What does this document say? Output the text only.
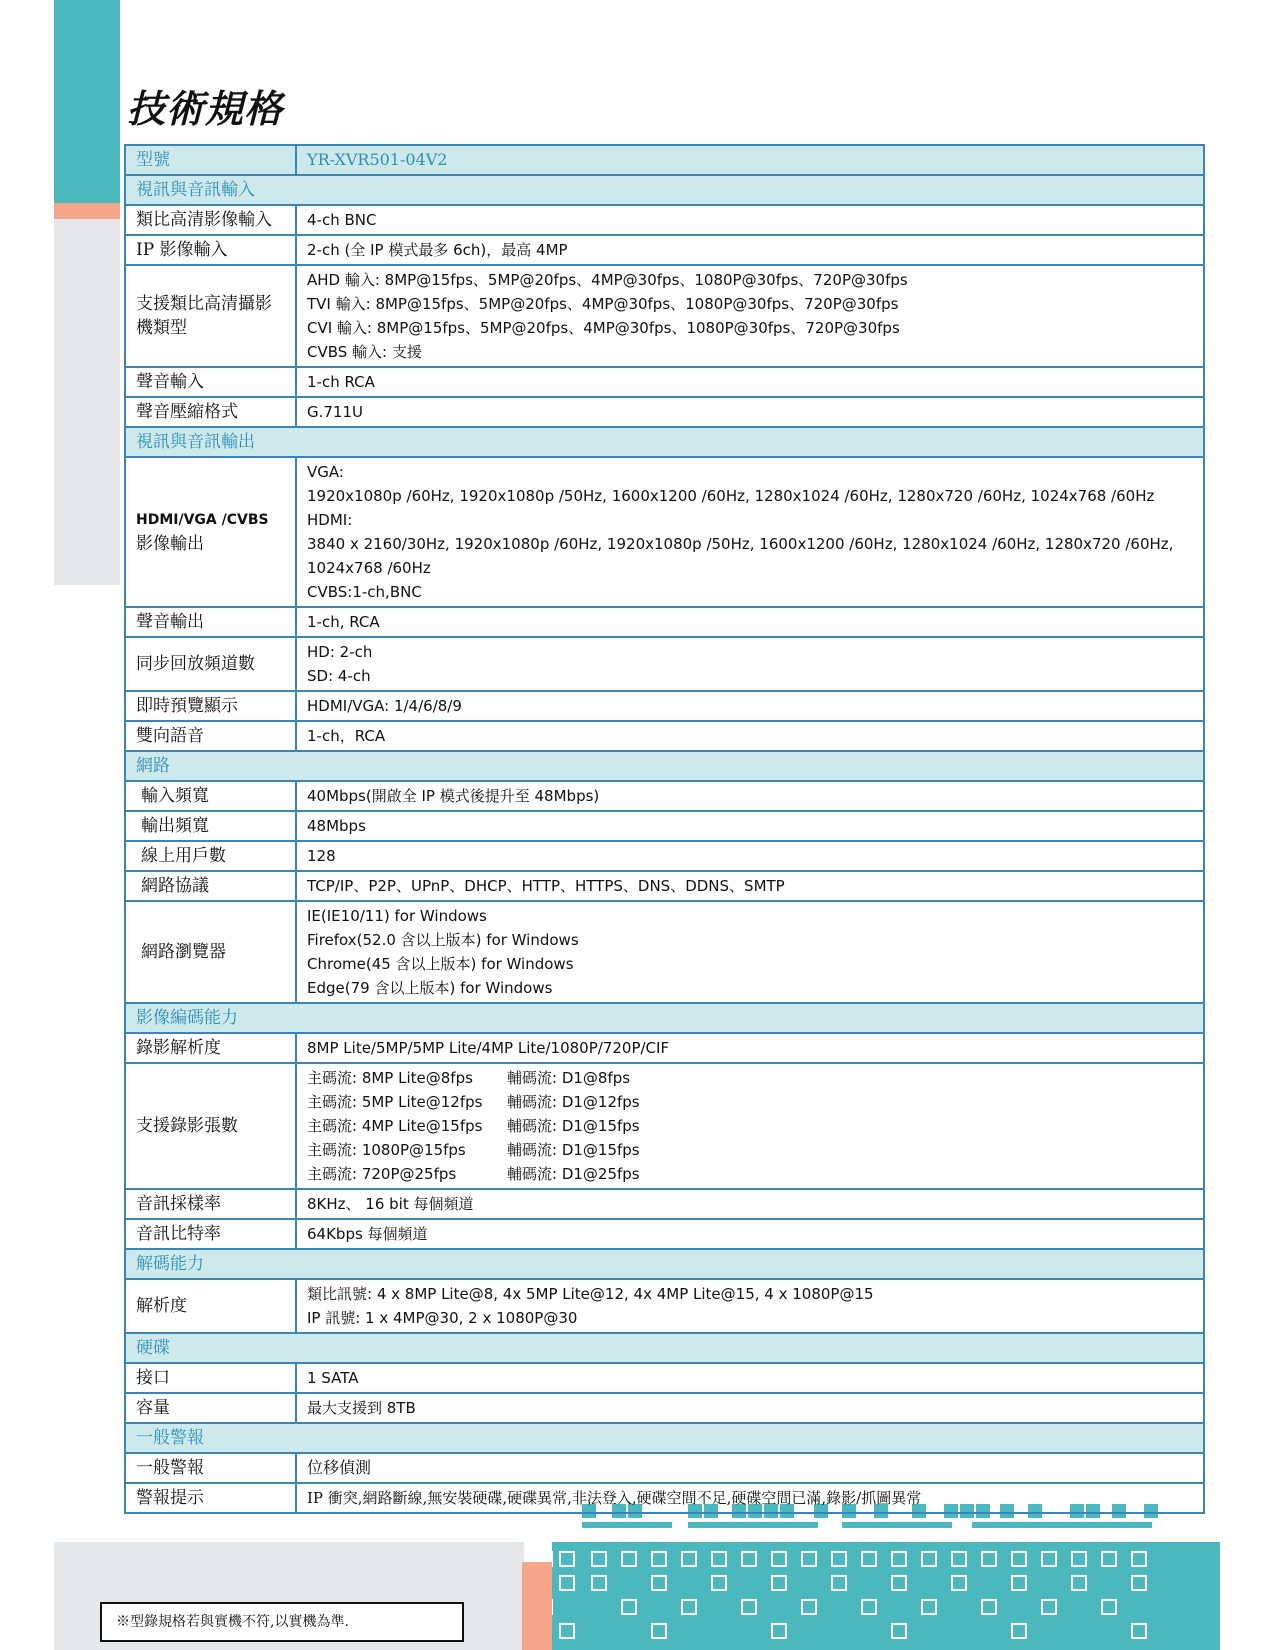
技術規格
型號	YR-XVR501-04V2
視訊與音訊輸入	
類比高清影像輸入	4-ch BNC
IP 影像輸入	2-ch (全 IP 模式最多 6ch)，最高 4MP
支援類比高清攝影機類型	AHD 輸入: 8MP@15fps、5MP@20fps、4MP@30fps、1080P@30fps、720P@30fps
TVI 輸入: 8MP@15fps、5MP@20fps、4MP@30fps、1080P@30fps、720P@30fps
CVI 輸入: 8MP@15fps、5MP@20fps、4MP@30fps、1080P@30fps、720P@30fps
CVBS 輸入: 支援

聲音輸入	1-ch RCA
聲音壓縮格式	G.711U
視訊與音訊輸出	

HDMI/VGA /CVBS
影像輸出	VGA:
1920x1080p /60Hz, 1920x1080p /50Hz, 1600x1200 /60Hz, 1280x1024 /60Hz, 1280x720 /60Hz, 1024x768 /60Hz
HDMI:
3840 x 2160/30Hz, 1920x1080p /60Hz, 1920x1080p /50Hz, 1600x1200 /60Hz, 1280x1024 /60Hz, 1280x720 /60Hz, 1024x768 /60Hz
CVBS:1-ch,BNC

聲音輸出	1-ch, RCA
同步回放頻道數	HD: 2-ch
SD: 4-ch

即時預覽顯示	HDMI/VGA: 1/4/6/8/9
雙向語音	1-ch，RCA
網路	
輸入頻寬	40Mbps(開啟全 IP 模式後提升至 48Mbps)
輸出頻寬	48Mbps
線上用戶數	128
網路協議	TCP/IP、P2P、UPnP、DHCP、HTTP、HTTPS、DNS、DDNS、SMTP
網路瀏覽器	IE(IE10/11) for Windows
Firefox(52.0 含以上版本) for Windows
Chrome(45 含以上版本) for Windows
Edge(79 含以上版本) for Windows

影像編碼能力	
錄影解析度	8MP Lite/5MP/5MP Lite/4MP Lite/1080P/720P/CIF
支援錄影張數	主碼流: 8MP Lite@8fps 輔碼流: D1@8fps
主碼流: 5MP Lite@12fps 輔碼流: D1@12fps
主碼流: 4MP Lite@15fps 輔碼流: D1@15fps
主碼流: 1080P@15fps 輔碼流: D1@15fps
主碼流: 720P@25fps 輔碼流: D1@25fps

音訊採樣率	8KHz、 16 bit 每個頻道
音訊比特率	64Kbps 每個頻道
解碼能力	
解析度	類比訊號: 4 x 8MP Lite@8, 4x 5MP Lite@12, 4x 4MP Lite@15, 4 x 1080P@15
IP 訊號: 1 x 4MP@30, 2 x 1080P@30

硬碟	
接口	1 SATA
容量	最大支援到 8TB
一般警報	
一般警報	位移偵測
警報提示	IP 衝突,網路斷線,無安裝硬碟,硬碟異常,非法登入,硬碟空間不足,硬碟空間已滿,錄影/抓圖異常
※型錄規格若與實機不符,以實機為準.
